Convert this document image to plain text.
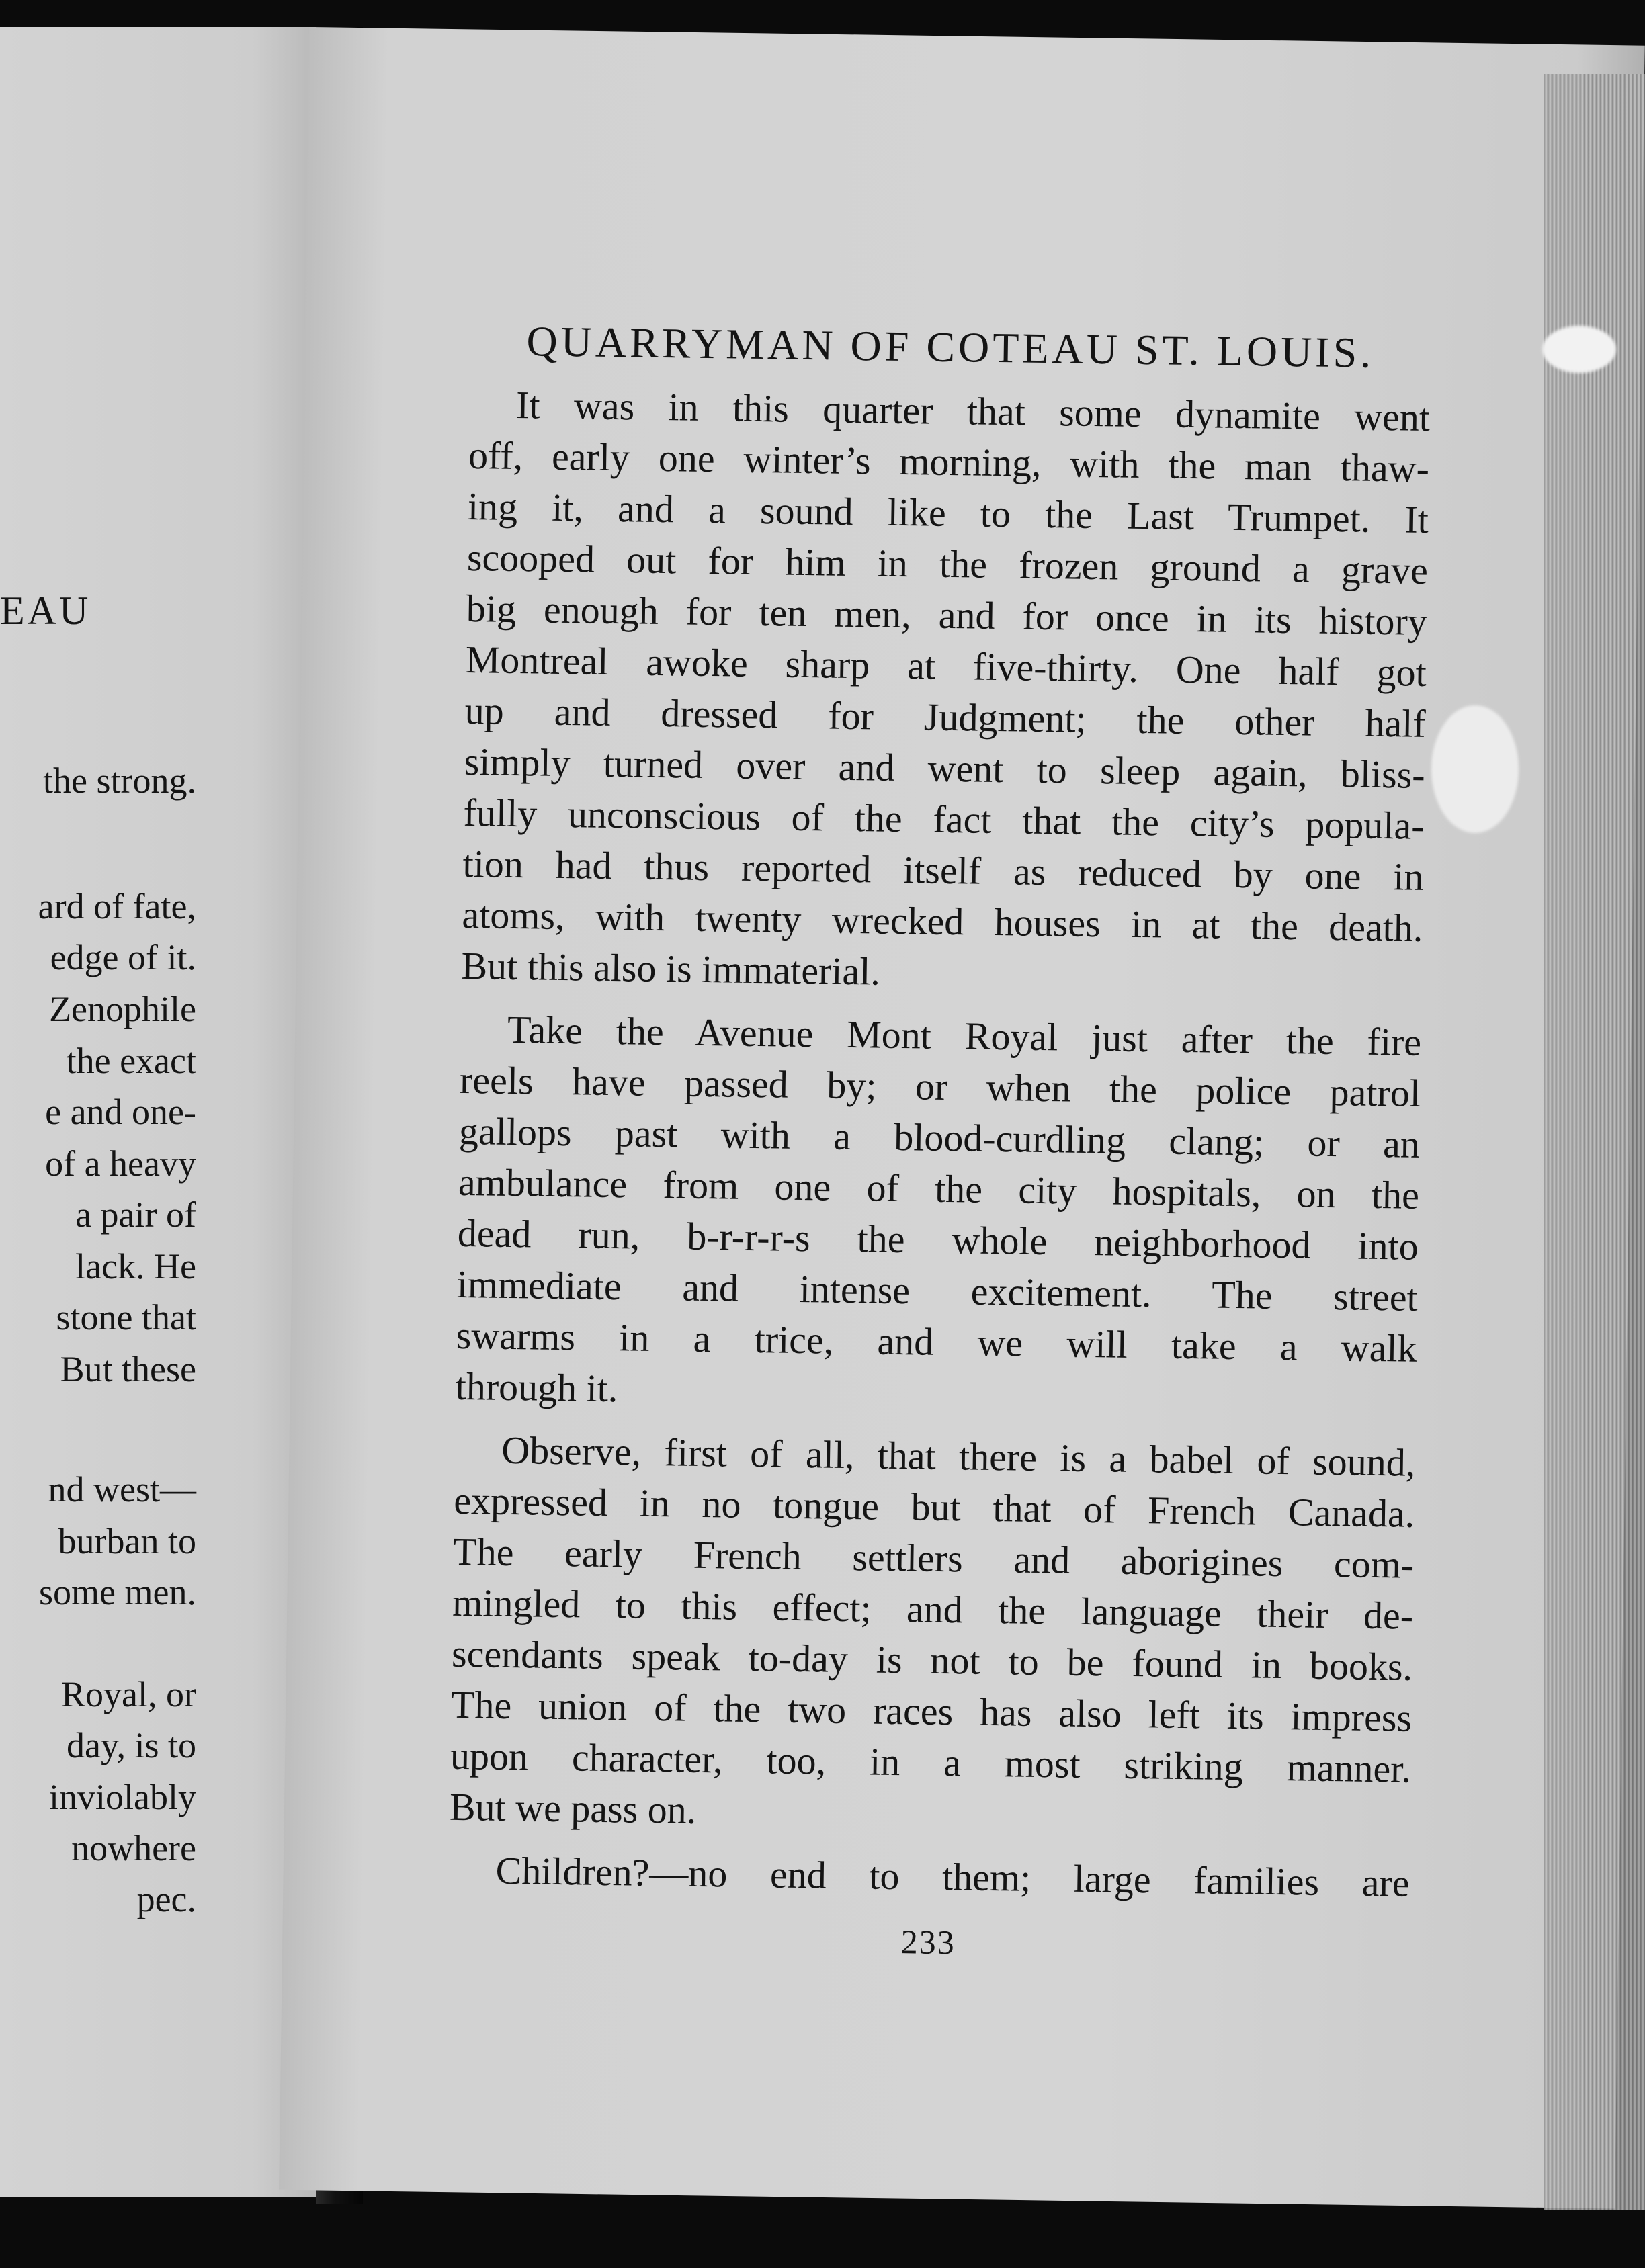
EAU
the strong.
ard of fate,
edge of it.
Zenophile
the exact
e and one-
of a heavy
a pair of
lack. He
stone that
But these
nd west—
burban to
some men.
Royal, or
day, is to
inviolably
nowhere
pec.
QUARRYMAN OF COTEAU ST. LOUIS.
It was in this quarter that some dynamite went
off, early one winter’s morning, with the man thaw-
ing it, and a sound like to the Last Trumpet. It
scooped out for him in the frozen ground a grave
big enough for ten men, and for once in its history
Montreal awoke sharp at five-thirty. One half got
up and dressed for Judgment; the other half
simply turned over and went to sleep again, bliss-
fully unconscious of the fact that the city’s popula-
tion had thus reported itself as reduced by one in
atoms, with twenty wrecked houses in at the death.
But this also is immaterial.
Take the Avenue Mont Royal just after the fire
reels have passed by; or when the police patrol
gallops past with a blood-curdling clang; or an
ambulance from one of the city hospitals, on the
dead run, b-r-r-r-s the whole neighborhood into
immediate and intense excitement. The street
swarms in a trice, and we will take a walk
through it.
Observe, first of all, that there is a babel of sound,
expressed in no tongue but that of French Canada.
The early French settlers and aborigines com-
mingled to this effect; and the language their de-
scendants speak to-day is not to be found in books.
The union of the two races has also left its impress
upon character, too, in a most striking manner.
But we pass on.
Children?—no end to them; large families are
233
